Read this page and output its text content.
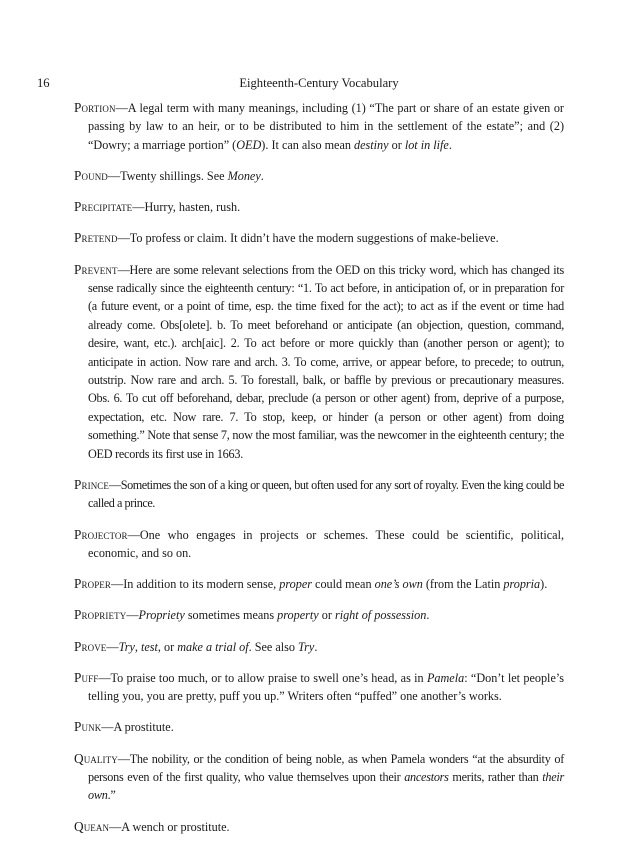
16	Eighteenth-Century Vocabulary

Portion—A legal term with many meanings, including (1) “The part or share of an estate given or passing by law to an heir, or to be distributed to him in the settlement of the estate”; and (2) “Dowry; a marriage portion” (OED). It can also mean destiny or lot in life.

Pound—Twenty shillings. See Money.

Precipitate—Hurry, hasten, rush.

Pretend—To profess or claim. It didn’t have the modern suggestions of make-believe.

Prevent—Here are some relevant selections from the OED on this tricky word, which has changed its sense radically since the eighteenth century: “1. To act before, in anticipation of, or in preparation for (a future event, or a point of time, esp. the time fixed for the act); to act as if the event or time had already come. Obs[olete]. b. To meet beforehand or anticipate (an objection, question, command, desire, want, etc.). arch[aic]. 2. To act before or more quickly than (another person or agent); to anticipate in action. Now rare and arch. 3. To come, arrive, or appear before, to precede; to outrun, outstrip. Now rare and arch. 5. To forestall, balk, or baffle by previous or precautionary measures. Obs. 6. To cut off beforehand, debar, preclude (a person or other agent) from, deprive of a purpose, expectation, etc. Now rare. 7. To stop, keep, or hinder (a person or other agent) from doing something.” Note that sense 7, now the most familiar, was the newcomer in the eighteenth century; the OED records its first use in 1663.

Prince—Sometimes the son of a king or queen, but often used for any sort of royalty. Even the king could be called a prince.

Projector—One who engages in projects or schemes. These could be scientific, political, economic, and so on.

Proper—In addition to its modern sense, proper could mean one’s own (from the Latin propria).

Propriety—Propriety sometimes means property or right of possession.

Prove—Try, test, or make a trial of. See also Try.

Puff—To praise too much, or to allow praise to swell one’s head, as in Pamela: “Don’t let people’s telling you, you are pretty, puff you up.” Writers often “puffed” one another’s works.

Punk—A prostitute.

Quality—The nobility, or the condition of being noble, as when Pamela wonders “at the absurdity of persons even of the first quality, who value themselves upon their ancestors merits, rather than their own.”

Quean—A wench or prostitute.
